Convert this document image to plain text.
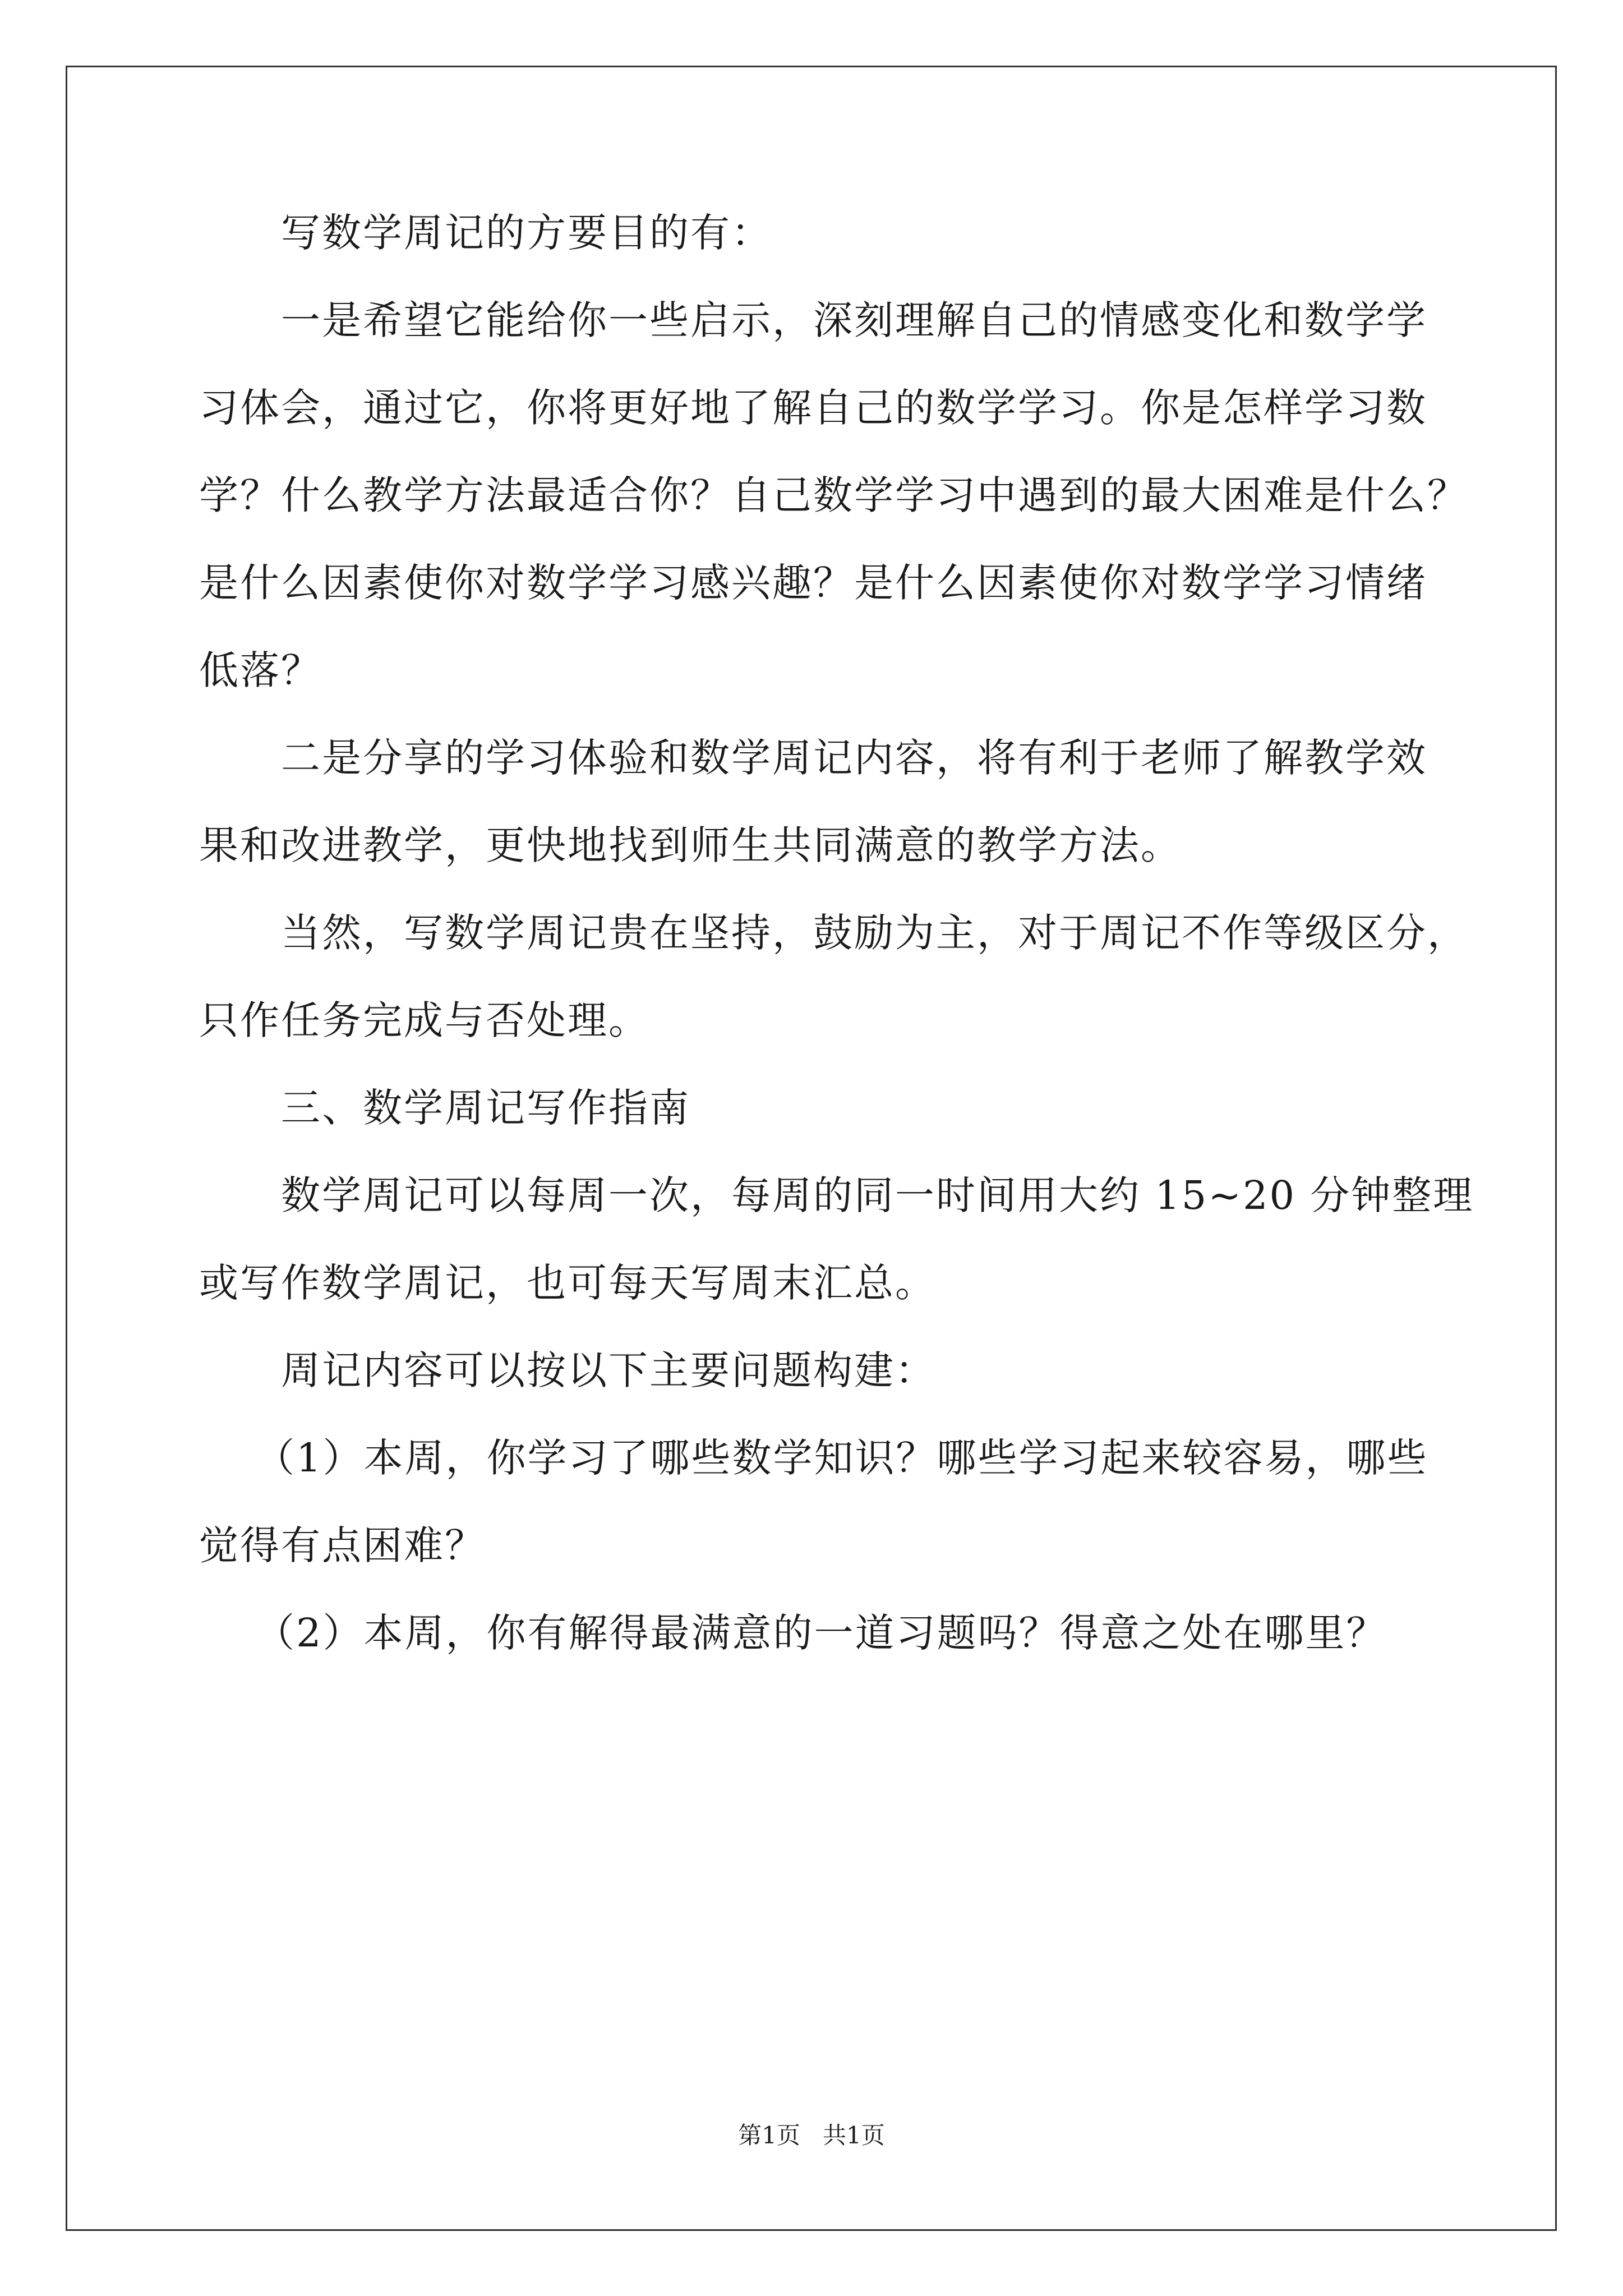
写数学周记的方要目的有：
一是希望它能给你一些启示，深刻理解自己的情感变化和数学学
习体会，通过它，你将更好地了解自己的数学学习。你是怎样学习数
学？什么教学方法最适合你？自己数学学习中遇到的最大困难是什么？
是什么因素使你对数学学习感兴趣？是什么因素使你对数学学习情绪
低落？
二是分享的学习体验和数学周记内容，将有利于老师了解教学效
果和改进教学，更快地找到师生共同满意的教学方法。
当然，写数学周记贵在坚持，鼓励为主，对于周记不作等级区分，
只作任务完成与否处理。
三、数学周记写作指南
数学周记可以每周一次，每周的同一时间用大约 15~20 分钟整理
或写作数学周记，也可每天写周末汇总。
周记内容可以按以下主要问题构建：
（1）本周，你学习了哪些数学知识？哪些学习起来较容易，哪些
觉得有点困难？
（2）本周，你有解得最满意的一道习题吗？得意之处在哪里？
第1页   共1页
